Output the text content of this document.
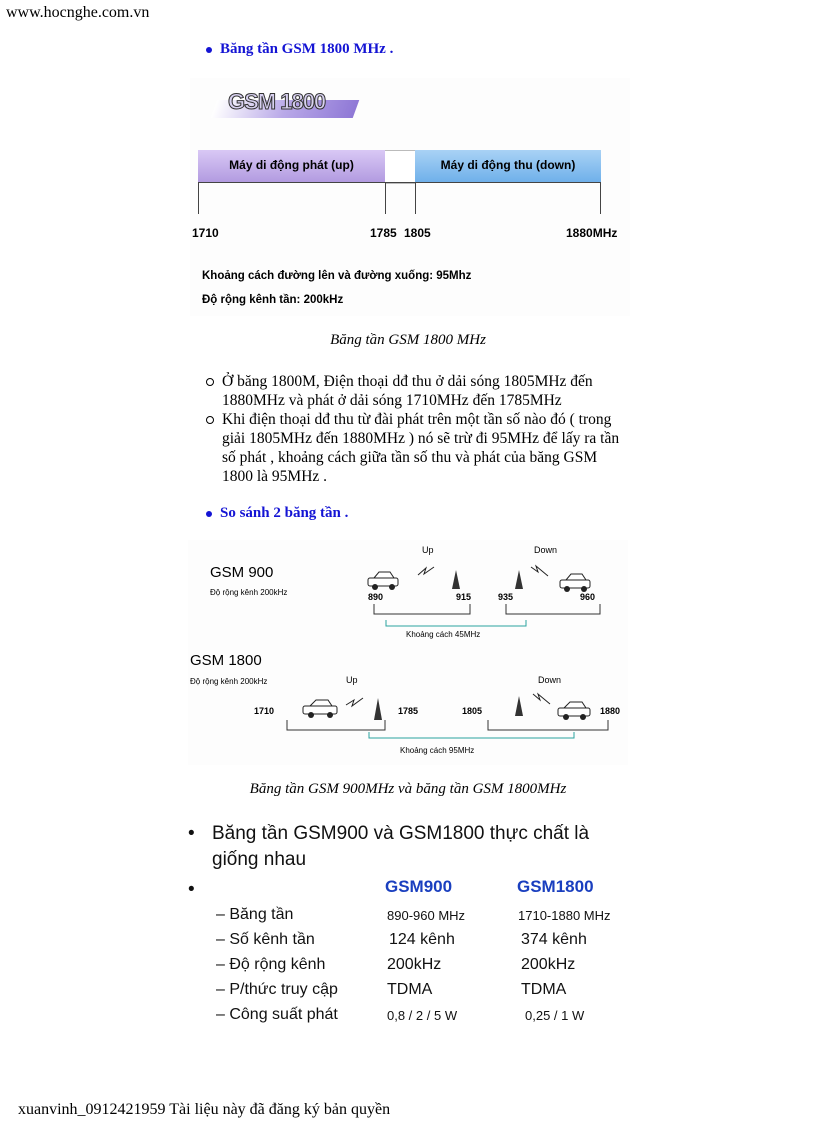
www.hocnghe.com.vn
Băng tần GSM 1800 MHz .
GSM 1800
Máy di động phát (up)	Máy di động thu (down)
1710	1785 1805	1880MHz
Khoảng cách đường lên và đường xuống: 95Mhz
Độ rộng kênh tần: 200kHz
Băng tần GSM 1800 MHz
Ở băng 1800M, Điện thoại dđ thu ở dải sóng 1805MHz đến 1880MHz và phát ở dải sóng 1710MHz đến 1785MHz
Khi điện thoại dđ thu từ đài phát trên một tần số nào đó ( trong giải 1805MHz đến 1880MHz ) nó sẽ trừ đi 95MHz để lấy ra tần số phát , khoảng cách giữa tần số thu và phát của băng GSM 1800 là 95MHz .
So sánh 2 băng tần .
GSM 900
Độ rộng kênh 200kHz
Up	Down
890	915	935	960
Khoảng cách 45MHz
GSM 1800
Độ rộng kênh 200kHz	Up	Down
1710	1785	1805	1880
Khoảng cách 95MHz
Băng tần GSM 900MHz và băng tần GSM 1800MHz
• Băng tần GSM900 và GSM1800 thực chất là
giống nhau
•	GSM900	GSM1800
– Băng tần	890-960 MHz	1710-1880 MHz
– Số kênh tần	124 kênh	374 kênh
– Độ rộng kênh	200kHz	200kHz
– P/thức truy cập	TDMA	TDMA
– Công suất phát	0,8 / 2 / 5 W	0,25 / 1 W
xuanvinh_0912421959 Tài liệu này đã đăng ký bản quyền
